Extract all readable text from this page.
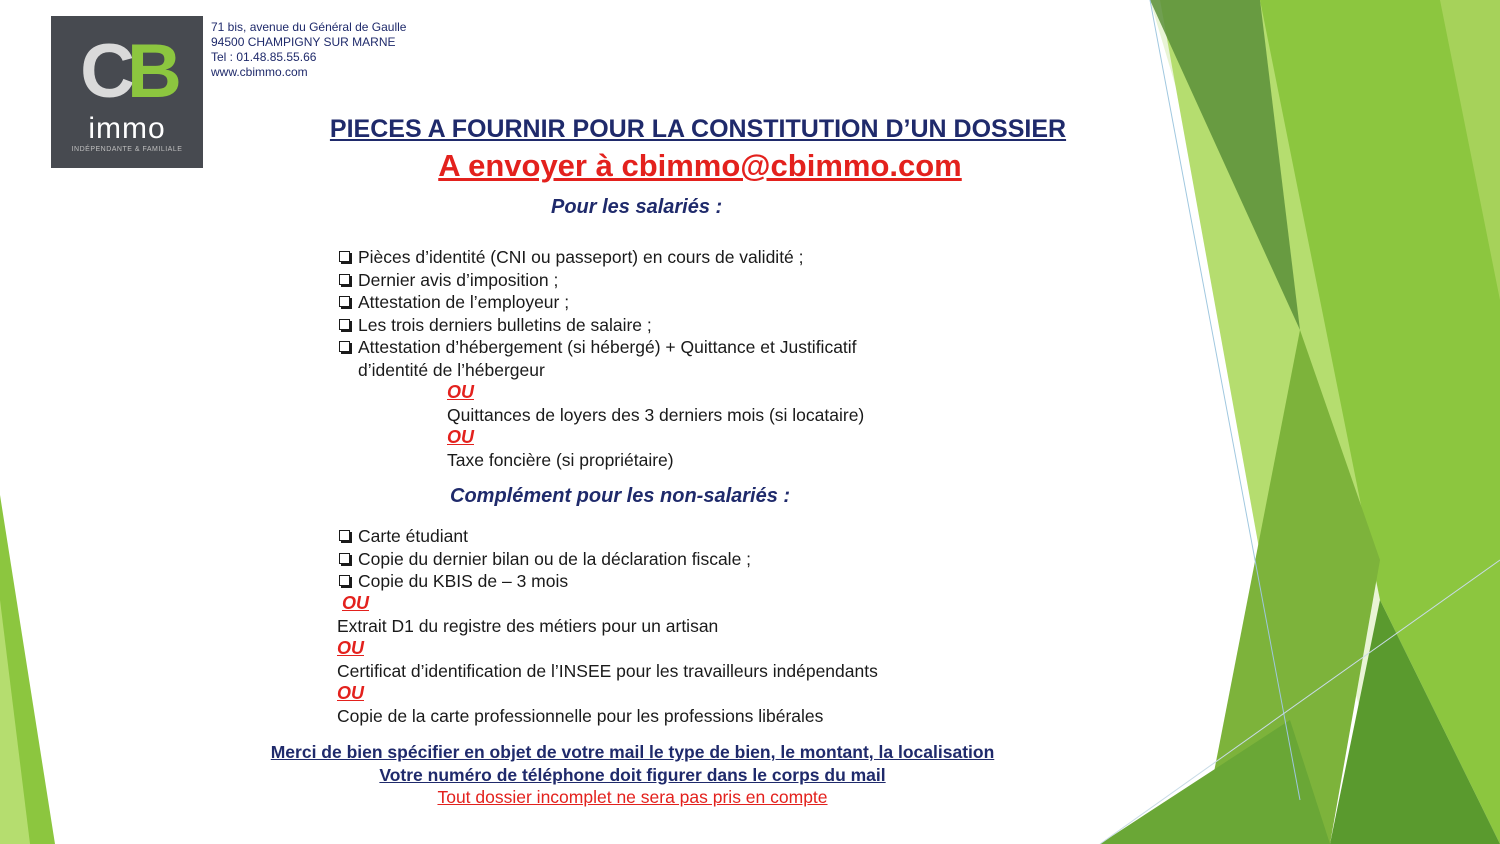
CB
immo
INDÉPENDANTE & FAMILIALE
71 bis, avenue du Général de Gaulle
94500 CHAMPIGNY SUR MARNE
Tel : 01.48.85.55.66
www.cbimmo.com
PIECES A FOURNIR POUR LA CONSTITUTION D’UN DOSSIER
A envoyer à cbimmo@cbimmo.com
Pour les salariés :
Pièces d’identité (CNI ou passeport) en cours de validité ;
Dernier avis d’imposition ;
Attestation de l’employeur ;
Les trois derniers bulletins de salaire ;
Attestation d’hébergement (si hébergé) + Quittance et Justificatif
d’identité de l’hébergeur
OU
Quittances de loyers des 3 derniers mois (si locataire)
OU
Taxe foncière (si propriétaire)
Complément pour les non-salariés :
Carte étudiant
Copie du dernier bilan ou de la déclaration fiscale ;
Copie du KBIS de – 3 mois
OU
Extrait D1 du registre des métiers pour un artisan
OU
Certificat d’identification de l’INSEE pour les travailleurs indépendants
OU
Copie de la carte professionnelle pour les professions libérales
Merci de bien spécifier en objet de votre mail le type de bien, le montant, la localisation
Votre numéro de téléphone doit figurer dans le corps du mail
Tout dossier incomplet ne sera pas pris en compte
